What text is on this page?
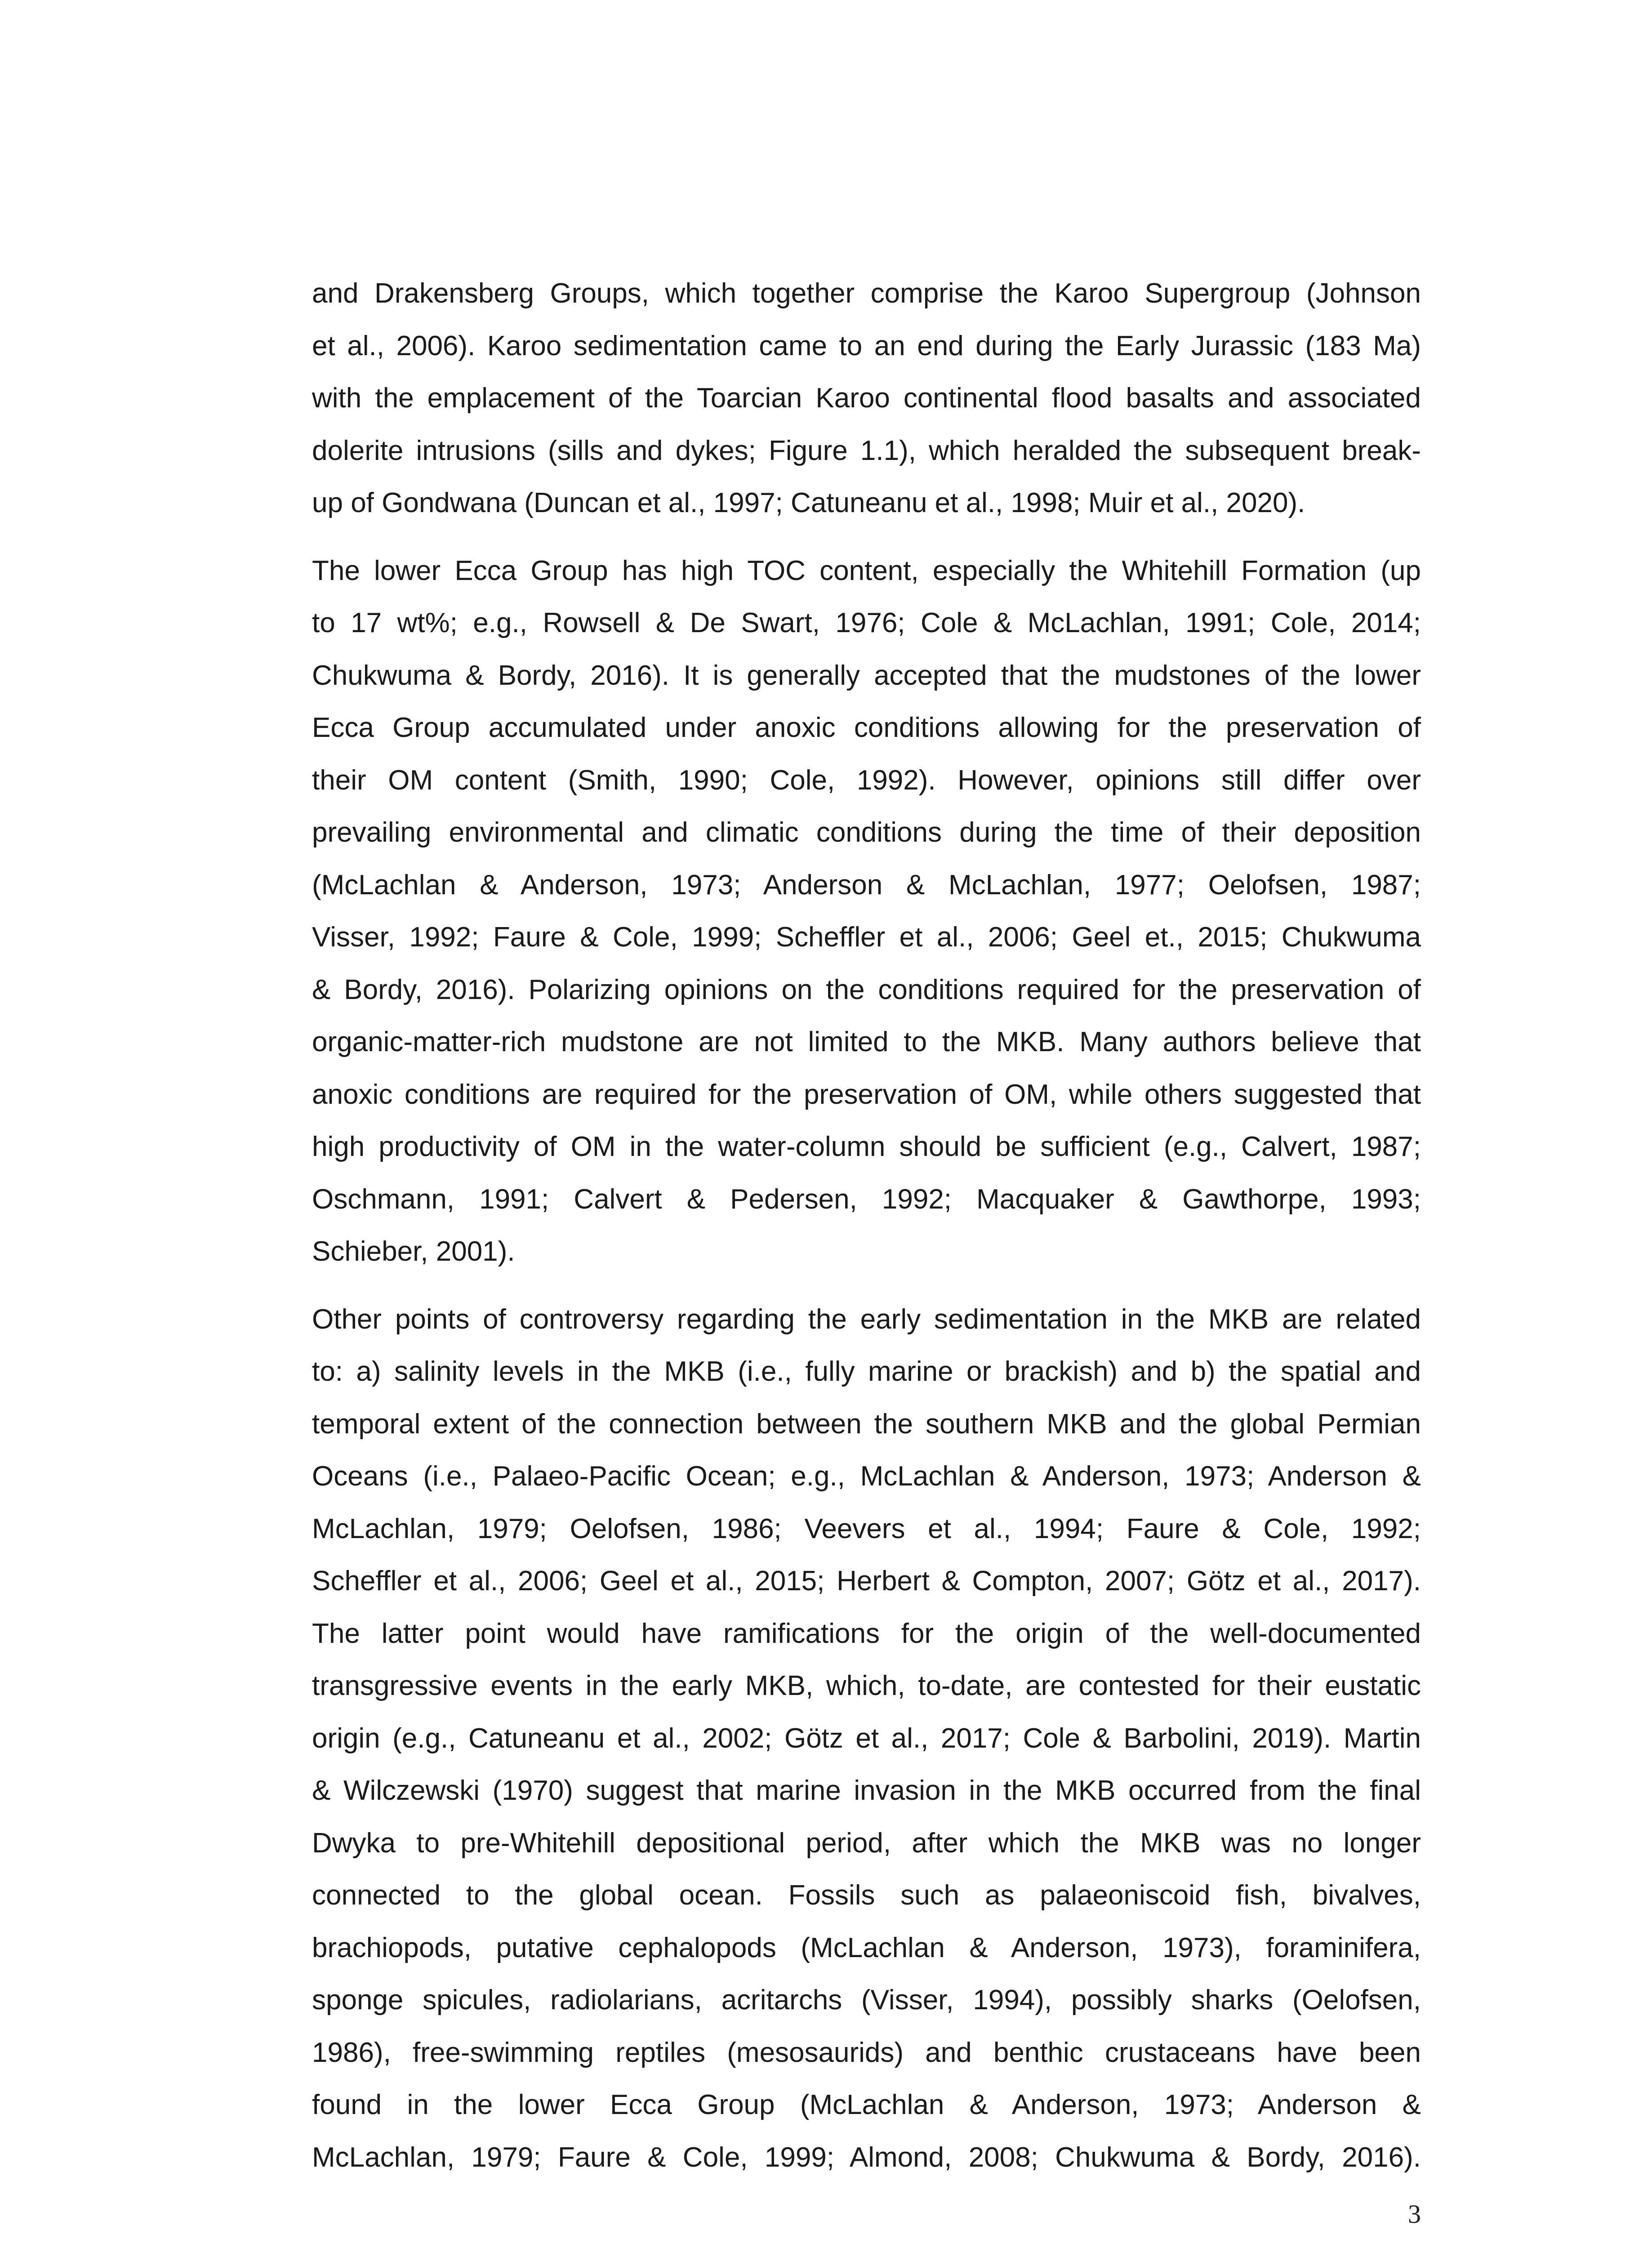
and Drakensberg Groups, which together comprise the Karoo Supergroup (Johnson
et al., 2006). Karoo sedimentation came to an end during the Early Jurassic (183 Ma)
with the emplacement of the Toarcian Karoo continental flood basalts and associated
dolerite intrusions (sills and dykes; Figure 1.1), which heralded the subsequent break-
up of Gondwana (Duncan et al., 1997; Catuneanu et al., 1998; Muir et al., 2020).
The lower Ecca Group has high TOC content, especially the Whitehill Formation (up
to 17 wt%; e.g., Rowsell & De Swart, 1976; Cole & McLachlan, 1991; Cole, 2014;
Chukwuma & Bordy, 2016). It is generally accepted that the mudstones of the lower
Ecca Group accumulated under anoxic conditions allowing for the preservation of
their OM content (Smith, 1990; Cole, 1992). However, opinions still differ over
prevailing environmental and climatic conditions during the time of their deposition
(McLachlan & Anderson, 1973; Anderson & McLachlan, 1977; Oelofsen, 1987;
Visser, 1992; Faure & Cole, 1999; Scheffler et al., 2006; Geel et., 2015; Chukwuma
& Bordy, 2016). Polarizing opinions on the conditions required for the preservation of
organic-matter-rich mudstone are not limited to the MKB. Many authors believe that
anoxic conditions are required for the preservation of OM, while others suggested that
high productivity of OM in the water-column should be sufficient (e.g., Calvert, 1987;
Oschmann, 1991; Calvert & Pedersen, 1992; Macquaker & Gawthorpe, 1993;
Schieber, 2001).
Other points of controversy regarding the early sedimentation in the MKB are related
to: a) salinity levels in the MKB (i.e., fully marine or brackish) and b) the spatial and
temporal extent of the connection between the southern MKB and the global Permian
Oceans (i.e., Palaeo-Pacific Ocean; e.g., McLachlan & Anderson, 1973; Anderson &
McLachlan, 1979; Oelofsen, 1986; Veevers et al., 1994; Faure & Cole, 1992;
Scheffler et al., 2006; Geel et al., 2015; Herbert & Compton, 2007; Götz et al., 2017).
The latter point would have ramifications for the origin of the well-documented
transgressive events in the early MKB, which, to-date, are contested for their eustatic
origin (e.g., Catuneanu et al., 2002; Götz et al., 2017; Cole & Barbolini, 2019). Martin
& Wilczewski (1970) suggest that marine invasion in the MKB occurred from the final
Dwyka to pre-Whitehill depositional period, after which the MKB was no longer
connected to the global ocean. Fossils such as palaeoniscoid fish, bivalves,
brachiopods, putative cephalopods (McLachlan & Anderson, 1973), foraminifera,
sponge spicules, radiolarians, acritarchs (Visser, 1994), possibly sharks (Oelofsen,
1986), free-swimming reptiles (mesosaurids) and benthic crustaceans have been
found in the lower Ecca Group (McLachlan & Anderson, 1973; Anderson &
McLachlan, 1979; Faure & Cole, 1999; Almond, 2008; Chukwuma & Bordy, 2016).
3
